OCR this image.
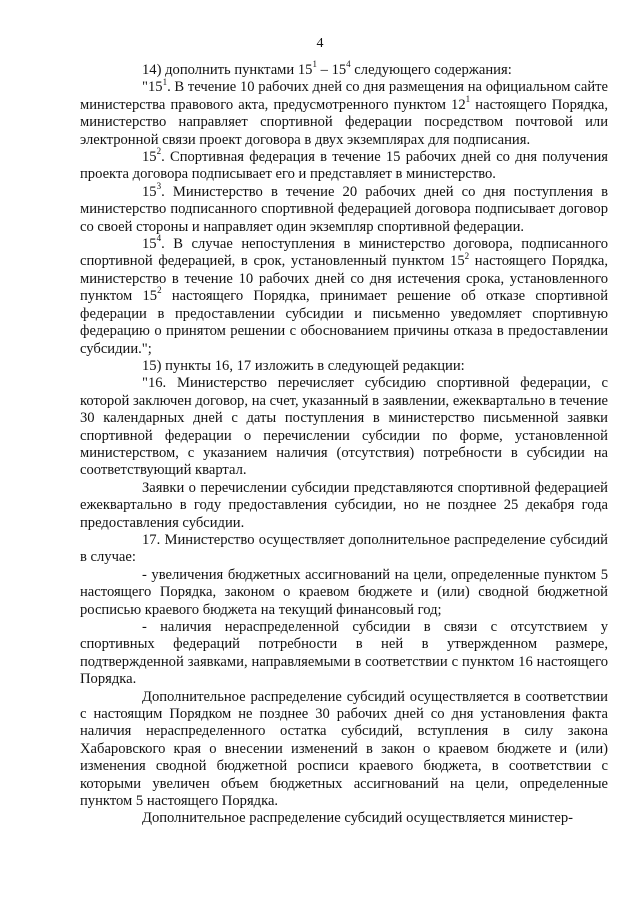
4

14) дополнить пунктами $15^1 - 15^4$ следующего содержания:

"$15^1$. В течение 10 рабочих дней со дня размещения на официальном сайте министерства правового акта, предусмотренного пунктом $12^1$ настоящего Порядка, министерство направляет спортивной федерации посредством почтовой или электронной связи проект договора в двух экземплярах для подписания.

$15^2$. Спортивная федерация в течение 15 рабочих дней со дня получения проекта договора подписывает его и представляет в министерство.

$15^3$. Министерство в течение 20 рабочих дней со дня поступления в министерство подписанного спортивной федерацией договора подписывает договор со своей стороны и направляет один экземпляр спортивной федерации.

$15^4$. В случае непоступления в министерство договора, подписанного спортивной федерацией, в срок, установленный пунктом $15^2$ настоящего Порядка, министерство в течение 10 рабочих дней со дня истечения срока, установленного пунктом $15^2$ настоящего Порядка, принимает решение об отказе спортивной федерации в предоставлении субсидии и письменно уведомляет спортивную федерацию о принятом решении с обоснованием причины отказа в предоставлении субсидии.";

15) пункты 16, 17 изложить в следующей редакции:

"16. Министерство перечисляет субсидию спортивной федерации, с которой заключен договор, на счет, указанный в заявлении, ежеквартально в течение 30 календарных дней с даты поступления в министерство письменной заявки спортивной федерации о перечислении субсидии по форме, установленной министерством, с указанием наличия (отсутствия) потребности в субсидии на соответствующий квартал.

Заявки о перечислении субсидии представляются спортивной федерацией ежеквартально в году предоставления субсидии, но не позднее 25 декабря года предоставления субсидии.

17. Министерство осуществляет дополнительное распределение субсидий в случае:

- увеличения бюджетных ассигнований на цели, определенные пунктом 5 настоящего Порядка, законом о краевом бюджете и (или) сводной бюджетной росписью краевого бюджета на текущий финансовый год;

- наличия нераспределенной субсидии в связи с отсутствием у спортивных федераций потребности в ней в утвержденном размере, подтвержденной заявками, направляемыми в соответствии с пунктом 16 настоящего Порядка.

Дополнительное распределение субсидий осуществляется в соответствии с настоящим Порядком не позднее 30 рабочих дней со дня установления факта наличия нераспределенного остатка субсидий, вступления в силу закона Хабаровского края о внесении изменений в закон о краевом бюджете и (или) изменения сводной бюджетной росписи краевого бюджета, в соответствии с которыми увеличен объем бюджетных ассигнований на цели, определенные пунктом 5 настоящего Порядка.

Дополнительное распределение субсидий осуществляется министер-
